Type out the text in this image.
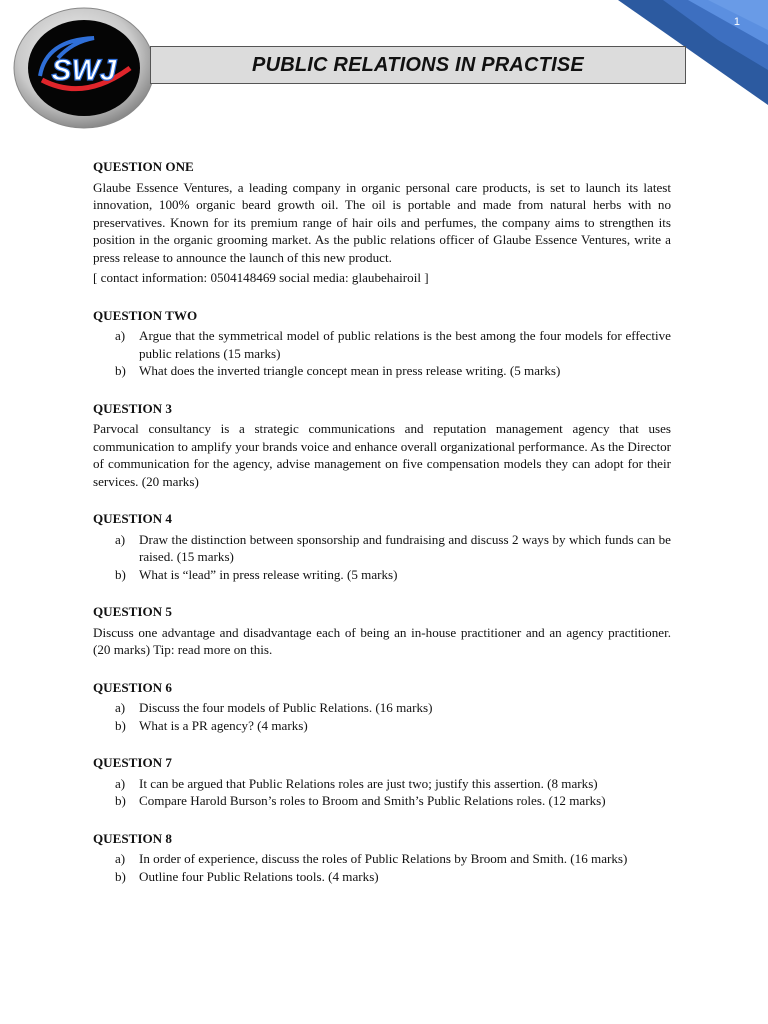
1
SWJ	PUBLIC RELATIONS IN PRACTISE
QUESTION ONE

Glaube Essence Ventures, a leading company in organic personal care products, is set to launch its latest innovation, 100% organic beard growth oil. The oil is portable and made from natural herbs with no preservatives. Known for its premium range of hair oils and perfumes, the company aims to strengthen its position in the organic grooming market. As the public relations officer of Glaube Essence Ventures, write a press release to announce the launch of this new product.

[ contact information: 0504148469 social media: glaubehairoil ]

QUESTION TWO
a) Argue that the symmetrical model of public relations is the best among the four models for effective public relations (15 marks)
b) What does the inverted triangle concept mean in press release writing. (5 marks)
QUESTION 3

Parvocal consultancy is a strategic communications and reputation management agency that uses communication to amplify your brands voice and enhance overall organizational performance. As the Director of communication for the agency, advise management on five compensation models they can adopt for their services. (20 marks)

QUESTION 4
a) Draw the distinction between sponsorship and fundraising and discuss 2 ways by which funds can be raised. (15 marks)
b) What is “lead” in press release writing. (5 marks)
QUESTION 5

Discuss one advantage and disadvantage each of being an in-house practitioner and an agency practitioner. (20 marks) Tip: read more on this.

QUESTION 6
a) Discuss the four models of Public Relations. (16 marks)
b) What is a PR agency? (4 marks)
QUESTION 7
a) It can be argued that Public Relations roles are just two; justify this assertion. (8 marks)
b) Compare Harold Burson’s roles to Broom and Smith’s Public Relations roles. (12 marks)
QUESTION 8
a) In order of experience, discuss the roles of Public Relations by Broom and Smith. (16 marks)
b) Outline four Public Relations tools. (4 marks)
